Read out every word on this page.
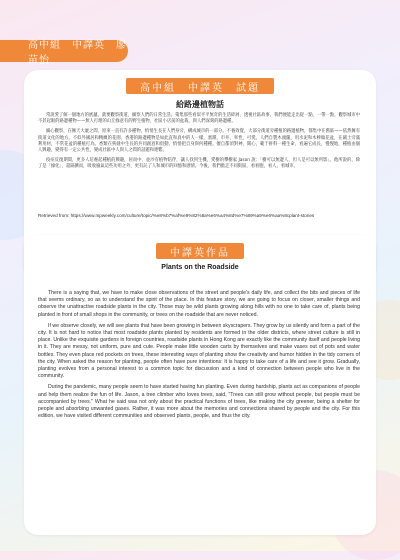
高中組　中譯英　廖苗怡
高中組　中譯英　試題
給路邊植物話

常說愛了解一個地方的底蘊，就要觀察街道，細察人們的日常生活。蒐集那些看似平平無奇的生活碎屑，透視社區故事，我們便能走出從一點、一帶一點，觀察城市中不甚起眼的路邊種物——無人打理的山丘綠意有的野生植物，社區小店前的盆栽，與人們深刻的路邊種。

細心觀察，在擁天大廈之間，原來一直有許多種物，悄悄生長在人們身旁，構成城市的一部分。不養效覺，大部分街道旁種植的路邊植物，都集中在舊區——依然擁有街道文化的地方。不似外國居和精緻的花園，香港的路邊種物是如此直和真中的人一樣，塞蹟，市井，率性，可愛。人們自製木頭簾，用水泥和木棒做花盆，在鋪土旁滿利用材，不常花盆的種植打為。香類在狹縫中生長的共同創意和倡動，悄悄把自身與何種種。擅自都須對神，開心，範于拼料一種生命，看遍它成長，慢慢地，種植由個人興趣，變得有一定公共性，變成社區中人與人之間的話題和連繫。

疫症反復期間，更多人培養起種植的興趣，居而中，並沙有植物陪伴，讓人找到生機，愛樹的攀樹家 Jason 說：「樹可以無邊人，但人是可以無所影」。他所說的，除了是「綠化」，超隔擴而，吸收廢氣這些功用之外，更有託了人和城市的回憶和感情。今後，我們擔走不同街區，看看胞，看人，看城市。

Retrieved from: https://www.mpweekly.com/culture/topic/%e8%b7%af%e9%82%8a%e6%a4%8d%e7%89%a9%e6%aa%8cplant-stories
中譯英作品
Plants on the Roadside

There is a saying that, we have to make close observations of the street and people's daily life, and collect the bits and pieces of life that seems ordinary, so as to understand the spirit of the place. In this feature story, we are going to focus on closer, smaller things and observe the unattractive roadside plants in the city. Those may be wild plants growing along hills with no one to take care of, plants being planted in front of small shops in the community, or trees on the roadside that are never noticed.

If we observe closely, we will see plants that have been growing in between skyscrapers. They grow by us silently and form a part of the city. It is not hard to notice that most roadside plants planted by residents are formed in the older districts, where street culture is still in place. Unlike the exquisite gardens in foreign countries, roadside plants in Hong Kong are exactly like the community itself and people living in it. They are messy, not uniform, pure and cute. People make little wooden carts by themselves and make vases out of pots and water bottles. They even place red pockets on trees, these interesting ways of planting show the creativity and humor hidden in the tidy corners of the city. When asked the reason for planting, people often have pure intentions: It is happy to take care of a life and see it grow. Gradually, planting evolves from a personal interest to a common topic for discussion and a kind of connection between people who live in the community.

During the pandemic, many people seem to have started having fun planting. Even during hardship, plants act as companions of people and help them realize the fun of life. Jason, a tree climber who loves trees, said, "Trees can still grow without people, but people must be accompanied by trees." What he said was not only about the practical functions of trees, like making the city greener, being a shelter for people and absorbing unwanted gases. Rather, it was more about the memories and connections shared by people and the city. For this edition, we have visited different communities and observed plants, people, and thus the city.
